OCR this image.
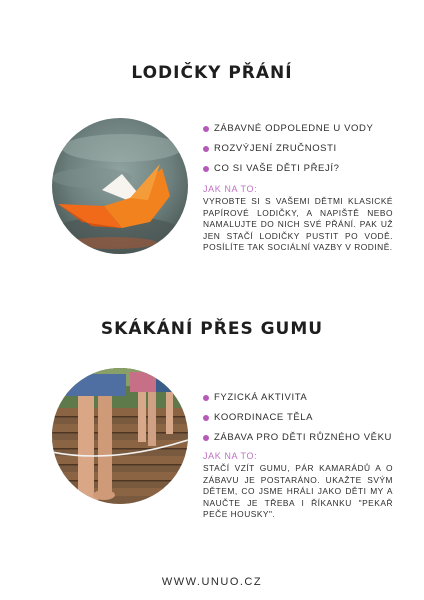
LODIČKY PŘÁNÍ
ZÁBAVNÉ ODPOLEDNE U VODY
ROZVÝJENÍ ZRUČNOSTI
CO SI VAŠE DĚTI PŘEJÍ?
JAK NA TO:
VYROBTE SI S VAŠEMI DĚTMI KLASICKÉ PAPÍROVÉ LODIČKY, A NAPIŠTĚ NEBO NAMALUJTE DO NICH SVÉ PŘÁNÍ. PAK UŽ JEN STAČÍ LODIČKY PUSTIT PO VODĚ. POSÍLÍTE TAK SOCIÁLNÍ VAZBY V RODINĚ.
SKÁKÁNÍ PŘES GUMU
FYZICKÁ AKTIVITA
KOORDINACE TĚLA
ZÁBAVA PRO DĚTI RŮZNÉHO VĚKU
JAK NA TO:
STAČÍ VZÍT GUMU, PÁR KAMARÁDŮ A O ZÁBAVU JE POSTARÁNO. UKAŽTE SVÝM DĚTEM, CO JSME HRÁLI JAKO DĚTI MY A NAUČTE JE TŘEBA I ŘÍKANKU "PEKAŘ PEČE HOUSKY".
WWW.UNUO.CZ
